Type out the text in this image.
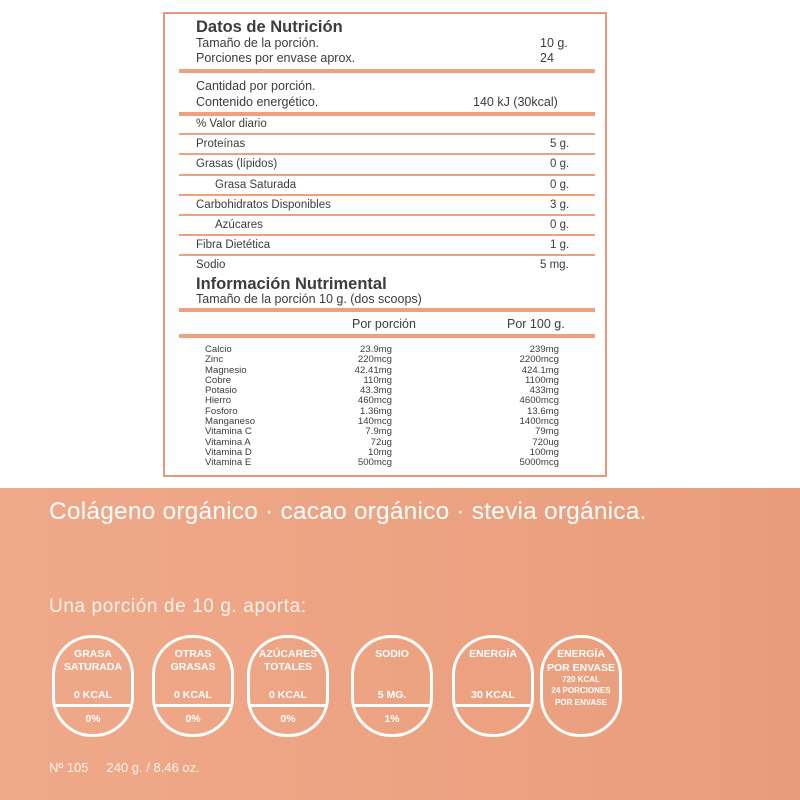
Datos de Nutrición
Tamaño de la porción.	10 g.
Porciones por envase aprox.	24
Cantidad por porción.
Contenido energético.	140 kJ (30kcal)
% Valor diario
Proteínas	5 g.
Grasas (lípidos)	0 g.
Grasa Saturada	0 g.
Carbohidratos Disponibles	3 g.
Azúcares	0 g.
Fibra Dietética	1 g.
Sodio	5 mg.
Información Nutrimental
Tamaño de la porción 10 g. (dos scoops)
Por porción	Por 100 g.
Calcio	23.9mg	239mg
Zinc	220mcg	2200mcg
Magnesio	42.41mg	424.1mg
Cobre	110mg	1100mg
Potasio	43.3mg	433mg
Hierro	460mcg	4600mcg
Fosforo	1.36mg	13.6mg
Manganeso	140mcg	1400mcg
Vitamina C	7.9mg	79mg
Vitamina A	72ug	720ug
Vitamina D	10mg	100mg
Vitamina E	500mcg	5000mcg
Colágeno orgánico · cacao orgánico · stevia orgánica.
Una porción de 10 g. aporta:
GRASA
SATURADA
0 KCAL
0%
OTRAS
GRASAS
0 KCAL
0%
AZÚCARES
TOTALES
0 KCAL
0%
SODIO
5 MG.
1%
ENERGÍA
30 KCAL
ENERGÍA
POR ENVASE
720 KCAL
24 PORCIONES
POR ENVASE
Nº 105     240 g. / 8.46 oz.
